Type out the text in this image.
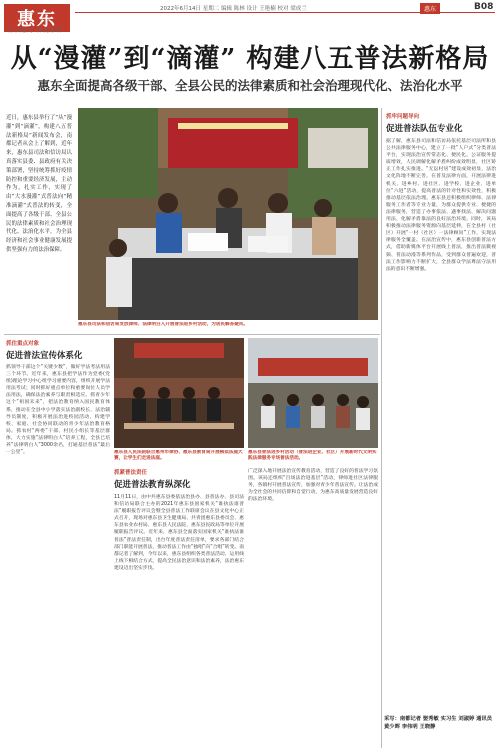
惠东
区县魅力 深度解析
2022年6月14日 星期二 编辑 陈林 设计 王艳楠 校对 梁成兰	惠东	B08
从“漫灌”到“滴灌” 构建八五普法新格局
惠东全面提高各级干部、全县公民的法律素质和社会治理现代化、法治化水平
近日，惠东县举行了“从“漫灌”到“滴灌”，构建八五普法新格局”新闻发布会，南都记者从会上了解到，近年来，惠东县司法和信访局认真落实县委、县政府有关决策部署，坚持统筹抓好疫情防控和重要经济发展，主动作为，扎实工作，实现了由“大水漫灌”式普法向“精准滴灌”式普法的转变，全面提高了各级干部、全县公民的法律素质和社会治理现代化、法治化水平，为全县经济和社会事业健康发展提供坚强有力的法治保障。
惠东县司法和信访局发放律师、法律明白人开展普法进乡村活动，为居民解答疑问。
抓牢问题导向
促进普法队伍专业化
据了解，惠东县司法和信访局依托基层司法所和县公共法律服务中心，建立了一批“人户式”分类普法平台，实现法治宣传常态化、便民化。公证服务提质增效，人民调解化解矛盾纠纷成效明显，社区矫正工作扎实推进。“无讼村居”建设成效初显，法治文化阵地不断完善。在普及法律方面，开展法律进机关、进乡村、进社区、进学校、进企业、进单位“六进”活动，提高普法的针对性和实效性，积极推动基层依法治理。惠东县还积极组织律师、法律服务工作者等专业力量，为群众提供专业、便捷的法律服务，营造了办事依法、遇事找法、解决问题用法、化解矛盾靠法的良好法治环境。同时，该局积极推动法律服务资源向基层延伸，在全县村（社区）开展“一村（社区）一法律顾问”工作，实现法律服务全覆盖。在法治宣传中，惠东县创新普法方式，借助新媒体平台开展线上普法，推出普法微视频、普法动漫等系列作品，受到群众普遍欢迎，普法工作影响力不断扩大，全县群众学法尊法守法用法的意识不断增强。
采写：南都记者 娶秀敏 实习生 刘淑婷 通讯员 黄少晖 李伟明 王晓静
抓住重点对象
促进普法宣传体系化
抓领导干部这个“关键少数”，做好学法考法用法三个环节。近年来，惠东县把学法作为党委(党组)理论学习中心组学习重要内容，组织开展学法用法考试；同时抓好重点单位和重要岗位人员学法用法，确保法治素养与职责相适应。抓青少年这个“祖国未来”，把法治教育纳入国民教育体系，推动在全县中小学落实法治副校长、法治辅导员制度，积极开展法治进校园活动，构建学校、家庭、社会协同联动的青少年法治教育格局。抓农村“两委”干部、村民小组长等基层群体，大力实施“法律明白人”培养工程，全县已培养“法律明白人”3000余名，打通基层普法“最后一公里”。	惠东县人民法院联合惠州市律协、惠东县教育局开展模拟法庭大赛，让学生们走进法庭。
惠东县普法进乡村活动（普法进企业、社区）开展新时代文明实践法律服务专场普法活动。
抓紧普法责任
促进普法教育纵深化
11月11日，由中共惠东县委依法治县办、县普法办、县司法和信访局联合主办的2021年惠东县国家机关“谁执法谁普法”履职报告评议会暨全县普法工作联席会议在县文化中心正式召开，现场对惠东县卫生健康局、共青团惠东县委员会、惠东县农业农村局、惠东县人民法院、惠东县民政局等单位开展履职报告评议。近年来，惠东县全面落实国家机关“谁执法谁普法”普法责任制，出台年度普法责任清单，要求各部门结合部门职能开展普法，推动普法工作由“独唱”向“合唱”转变。南都记者了解到，今年以来，惠东县组织各类普法活动，运用线上线下相结合方式，提高全民法治意识和法治素养，法治惠东建设迈出坚实步伐。
广泛深入地开展法治宣传教育活动，营造了良好的普法学习氛围。该局还组织“百场法治进基层”活动，律师进社区法律服务，各镇村开展普法宣传，加强对青少年普法宣传。让法治成为全社会的共同信仰和自觉行动，为惠东高质量发展营造良好的法治环境。
